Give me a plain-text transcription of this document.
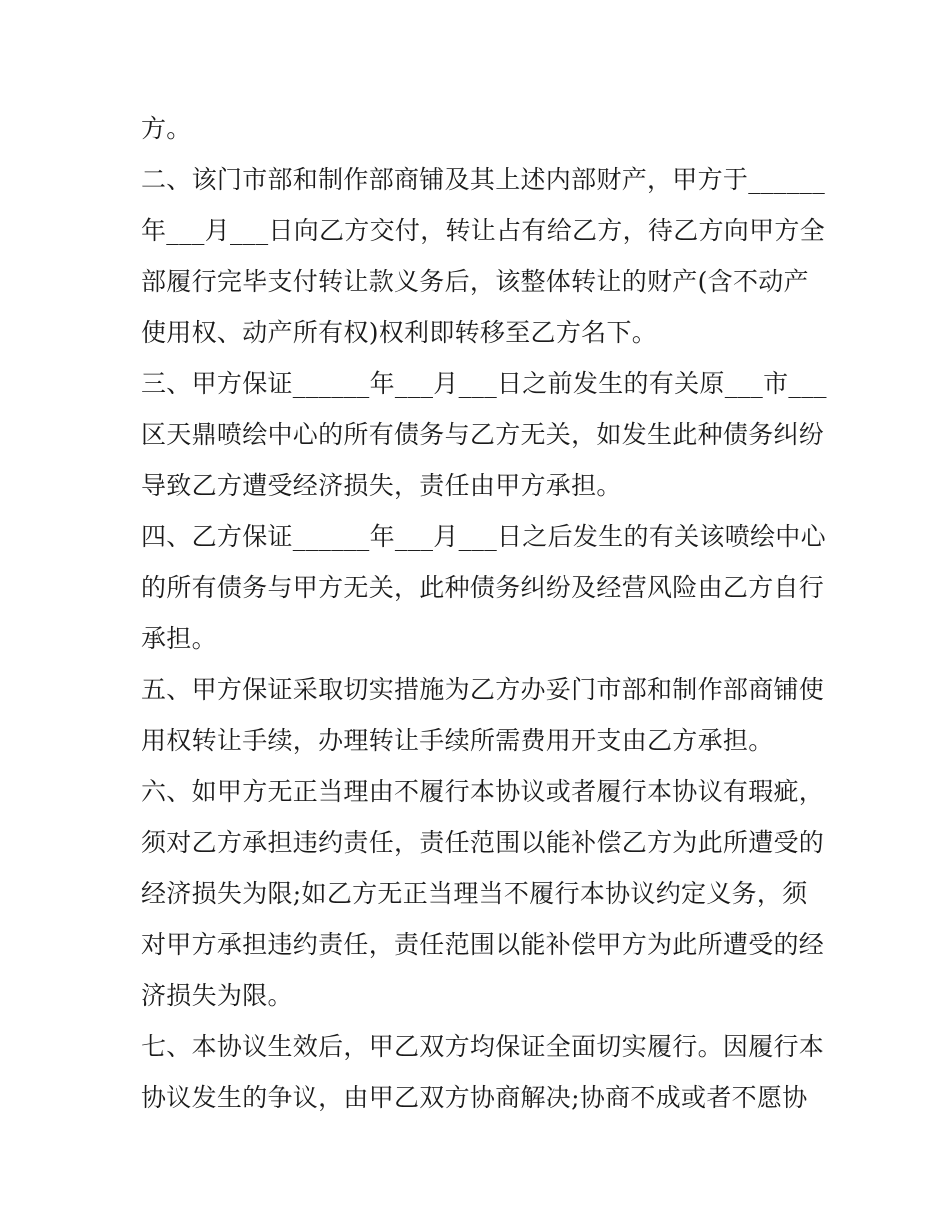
方。
二、该门市部和制作部商铺及其上述内部财产，甲方于______
年___月___日向乙方交付，转让占有给乙方，待乙方向甲方全
部履行完毕支付转让款义务后，该整体转让的财产(含不动产
使用权、动产所有权)权利即转移至乙方名下。
三、甲方保证______年___月___日之前发生的有关原___市___
区天鼎喷绘中心的所有债务与乙方无关，如发生此种债务纠纷
导致乙方遭受经济损失，责任由甲方承担。
四、乙方保证______年___月___日之后发生的有关该喷绘中心
的所有债务与甲方无关，此种债务纠纷及经营风险由乙方自行
承担。
五、甲方保证采取切实措施为乙方办妥门市部和制作部商铺使
用权转让手续，办理转让手续所需费用开支由乙方承担。
六、如甲方无正当理由不履行本协议或者履行本协议有瑕疵，
须对乙方承担违约责任，责任范围以能补偿乙方为此所遭受的
经济损失为限;如乙方无正当理当不履行本协议约定义务，须
对甲方承担违约责任，责任范围以能补偿甲方为此所遭受的经
济损失为限。
七、本协议生效后，甲乙双方均保证全面切实履行。因履行本
协议发生的争议，由甲乙双方协商解决;协商不成或者不愿协
